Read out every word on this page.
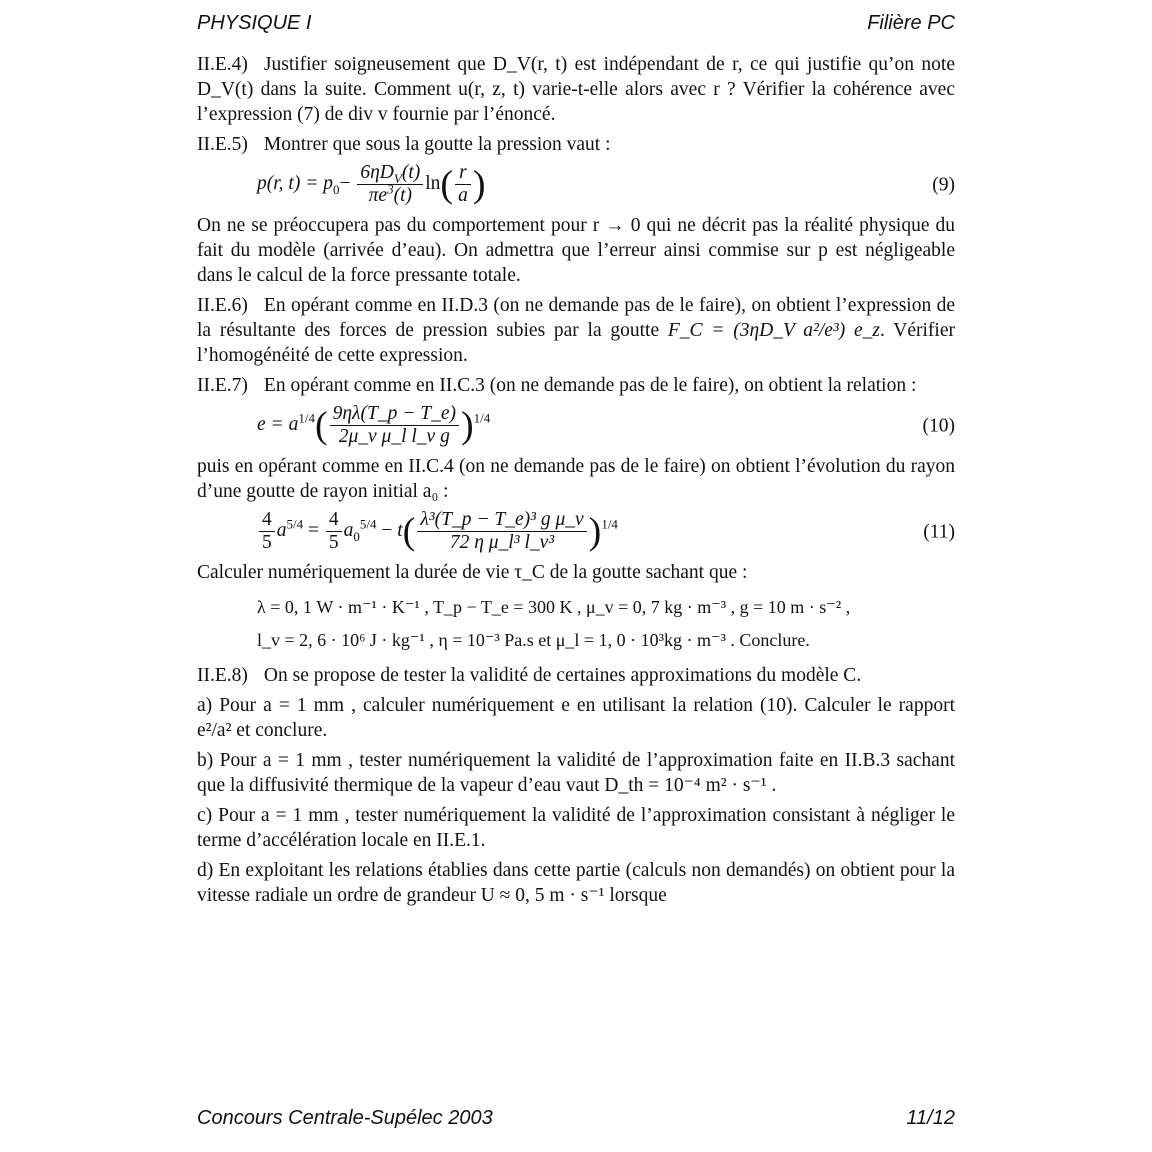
PHYSIQUE I	Filière PC

II.E.4) Justifier soigneusement que D_V(r, t) est indépendant de r, ce qui justifie qu’on note D_V(t) dans la suite. Comment u(r, z, t) varie-t-elle alors avec r ? Vérifier la cohérence avec l’expression (7) de div v fournie par l’énoncé.

II.E.5) Montrer que sous la goutte la pression vaut :

p(r, $t) = p_0- \frac{6\eta D_V(t)}{\pi e^3(t)} \ln( \frac{r}{a}$ )	(9)

On ne se préoccupera pas du comportement pour r → 0 qui ne décrit pas la réalité physique du fait du modèle (arrivée d’eau). On admettra que l’erreur ainsi commise sur p est négligeable dans le calcul de la force pressante totale.

II.E.6) En opérant comme en II.D.3 (on ne demande pas de le faire), on obtient l’expression de la résultante des forces de pression subies par la goutte F_C = (3ηD_V a²/e³) e_z. Vérifier l’homogénéité de cette expression.

II.E.7) En opérant comme en II.C.3 (on ne demande pas de le faire), on obtient la relation :

$e = a^{1/4}( \frac{9\eta\lambda(T\_p - T\_e)}{\text{2μ\_v μ\_l l\_v g}} )^{1/4}$	(10)

puis en opérant comme en II.C.4 (on ne demande pas de le faire) on obtient l’évolution du rayon d’une goutte de rayon initial a₀ :

$\frac{4}{5} a^{5/4} = \frac{4}{5} a_0^{5/4} - t( \frac{\text{λ³(T\_p − T\_e)³ g μ\_v}}{\text{72 η μ\_l³ l\_v³}} )^{1/4}$	(11)

Calculer numériquement la durée de vie τ_C de la goutte sachant que :

λ = 0, 1 W · m⁻¹ · K⁻¹ , T_p − T_e = 300 K , μ_v = 0, 7 kg · m⁻³ , g = 10 m · s⁻² ,
l_v = 2, 6 · 10⁶ J · kg⁻¹ , η = 10⁻³ Pa.s et μ_l = 1, 0 · 10³kg · m⁻³ . Conclure.

II.E.8) On se propose de tester la validité de certaines approximations du modèle C.

a) Pour a = 1 mm , calculer numériquement e en utilisant la relation (10). Calculer le rapport e²/a² et conclure.

b) Pour a = 1 mm , tester numériquement la validité de l’approximation faite en II.B.3 sachant que la diffusivité thermique de la vapeur d’eau vaut D_th = 10⁻⁴ m² · s⁻¹ .

c) Pour a = 1 mm , tester numériquement la validité de l’approximation consistant à négliger le terme d’accélération locale en II.E.1.

d) En exploitant les relations établies dans cette partie (calculs non demandés) on obtient pour la vitesse radiale un ordre de grandeur U ≈ 0, 5 m · s⁻¹ lorsque

Concours Centrale-Supélec 2003	11/12
